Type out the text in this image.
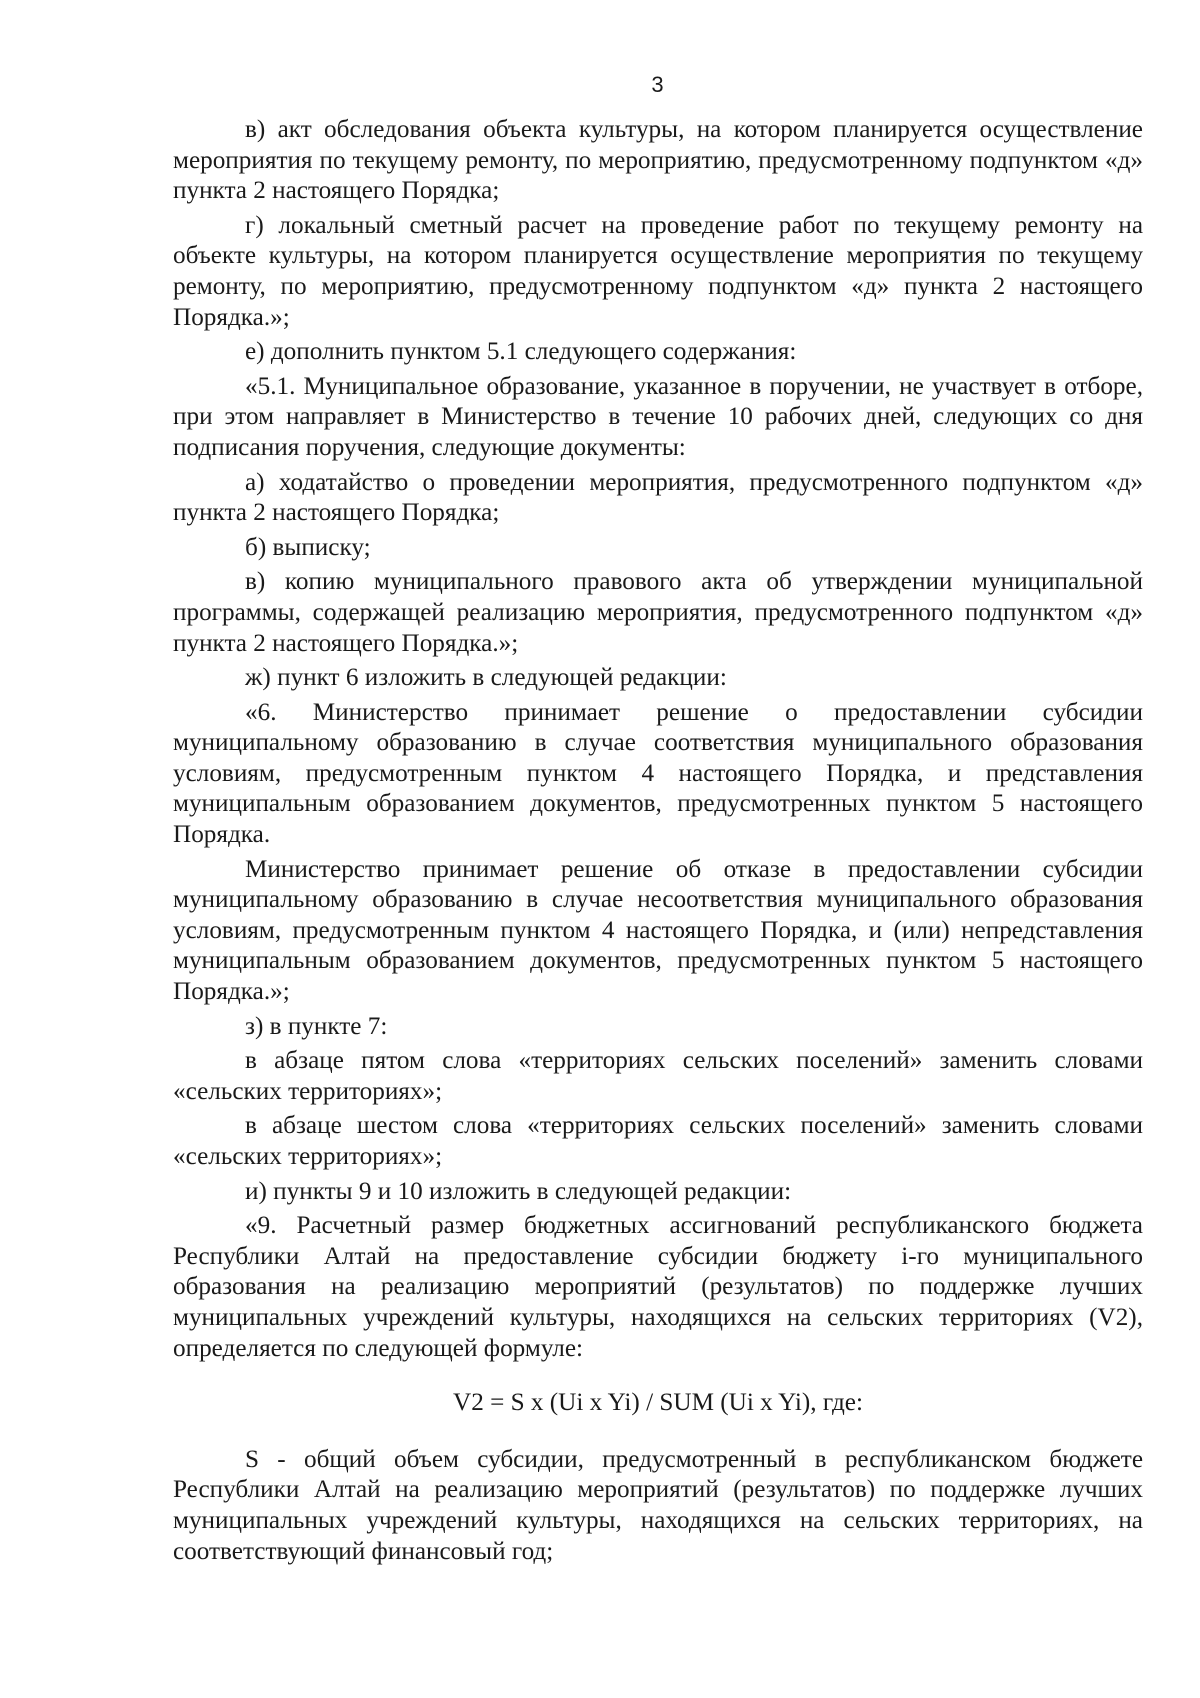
3

в) акт обследования объекта культуры, на котором планируется осуществление мероприятия по текущему ремонту, по мероприятию, предусмотренному подпунктом «д» пункта 2 настоящего Порядка;

г) локальный сметный расчет на проведение работ по текущему ремонту на объекте культуры, на котором планируется осуществление мероприятия по текущему ремонту, по мероприятию, предусмотренному подпунктом «д» пункта 2 настоящего Порядка.»;

е) дополнить пунктом 5.1 следующего содержания:

«5.1. Муниципальное образование, указанное в поручении, не участвует в отборе, при этом направляет в Министерство в течение 10 рабочих дней, следующих со дня подписания поручения, следующие документы:

а) ходатайство о проведении мероприятия, предусмотренного подпунктом «д» пункта 2 настоящего Порядка;

б) выписку;

в) копию муниципального правового акта об утверждении муниципальной программы, содержащей реализацию мероприятия, предусмотренного подпунктом «д» пункта 2 настоящего Порядка.»;

ж) пункт 6 изложить в следующей редакции:

«6. Министерство принимает решение о предоставлении субсидии муниципальному образованию в случае соответствия муниципального образования условиям, предусмотренным пунктом 4 настоящего Порядка, и представления муниципальным образованием документов, предусмотренных пунктом 5 настоящего Порядка.

Министерство принимает решение об отказе в предоставлении субсидии муниципальному образованию в случае несоответствия муниципального образования условиям, предусмотренным пунктом 4 настоящего Порядка, и (или) непредставления муниципальным образованием документов, предусмотренных пунктом 5 настоящего Порядка.»;

з) в пункте 7:

в абзаце пятом слова «территориях сельских поселений» заменить словами «сельских территориях»;

в абзаце шестом слова «территориях сельских поселений» заменить словами «сельских территориях»;

и) пункты 9 и 10 изложить в следующей редакции:

«9. Расчетный размер бюджетных ассигнований республиканского бюджета Республики Алтай на предоставление субсидии бюджету i-го муниципального образования на реализацию мероприятий (результатов) по поддержке лучших муниципальных учреждений культуры, находящихся на сельских территориях (V2), определяется по следующей формуле:

V2 = S x (Ui x Yi) / SUM (Ui x Yi), где:

S - общий объем субсидии, предусмотренный в республиканском бюджете Республики Алтай на реализацию мероприятий (результатов) по поддержке лучших муниципальных учреждений культуры, находящихся на сельских территориях, на соответствующий финансовый год;
